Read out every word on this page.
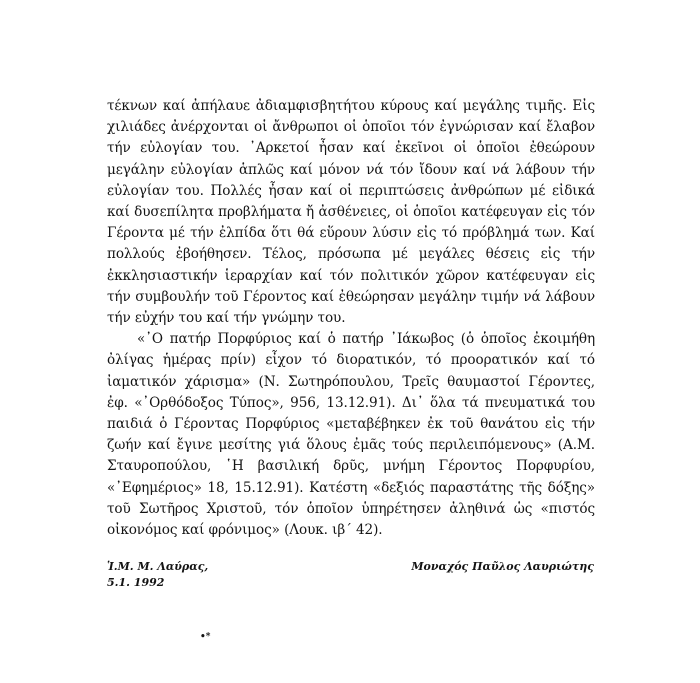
τέκνων καί ἀπήλαυε ἀδιαμφισβητήτου κύρους καί μεγάλης τιμῆς. Εἰς χιλιάδες ἀνέρχονται οἱ ἄνθρωποι οἱ ὁποῖοι τόν ἐγνώρισαν καί ἔλαβον τήν εὐλογίαν του. ᾽Αρκετοί ἦσαν καί ἐκεῖνοι οἱ ὁποῖοι ἐθεώρουν μεγάλην εὐλογίαν ἁπλῶς καί μόνον νά τόν ἴδουν καί νά λάβουν τήν εὐλογίαν του. Πολλές ἦσαν καί οἱ περιπτώσεις ἀνθρώπων μέ εἰδικά καί δυσεπίλητα προβλήματα ἤ ἀσθένειες, οἱ ὁποῖοι κατέφευγαν εἰς τόν Γέροντα μέ τήν ἐλπίδα ὅτι θά εὕρουν λύσιν εἰς τό πρόβλημά των. Καί πολλούς ἐβοήθησεν. Τέλος, πρόσωπα μέ μεγάλες θέσεις εἰς τήν ἐκκλησιαστικήν ἱεραρχίαν καί τόν πολιτικόν χῶρον κατέφευγαν εἰς τήν συμβουλήν τοῦ Γέροντος καί ἐθεώρησαν μεγάλην τιμήν νά λάβουν τήν εὐχήν του καί τήν γνώμην του.

«᾽Ο πατήρ Πορφύριος καί ὁ πατήρ ᾽Ιάκωβος (ὁ ὁποῖος ἐκοιμήθη ὀλίγας ἡμέρας πρίν) εἶχον τό διορατικόν, τό προορατικόν καί τό ἰαματικόν χάρισμα» (Ν. Σωτηρόπουλου, Τρεῖς θαυμαστοί Γέροντες, ἐφ. «᾽Ορθόδοξος Τύπος», 956, 13.12.91). Δι᾽ ὅλα τά πνευματικά του παιδιά ὁ Γέροντας Πορφύριος «μεταβέβηκεν ἐκ τοῦ θανάτου εἰς τήν ζωήν καί ἔγινε μεσίτης γιά ὅλους ἐμᾶς τούς περιλειπόμενους» (Α.Μ. Σταυροπούλου, ῾Η βασιλική δρῦς, μνήμη Γέροντος Πορφυρίου, «᾽Εφημέριος» 18, 15.12.91). Κατέστη «δεξιός παραστάτης τῆς δόξης» τοῦ Σωτῆρος Χριστοῦ, τόν ὁποῖον ὑπηρέτησεν ἀληθινά ὡς «πιστός οἰκονόμος καί φρόνιμος» (Λουκ. ιβ´ 42).

Ἱ.Μ. Μ. Λαύρας,
5.1. 1992
Μοναχός Παῦλος Λαυριώτης
•*
